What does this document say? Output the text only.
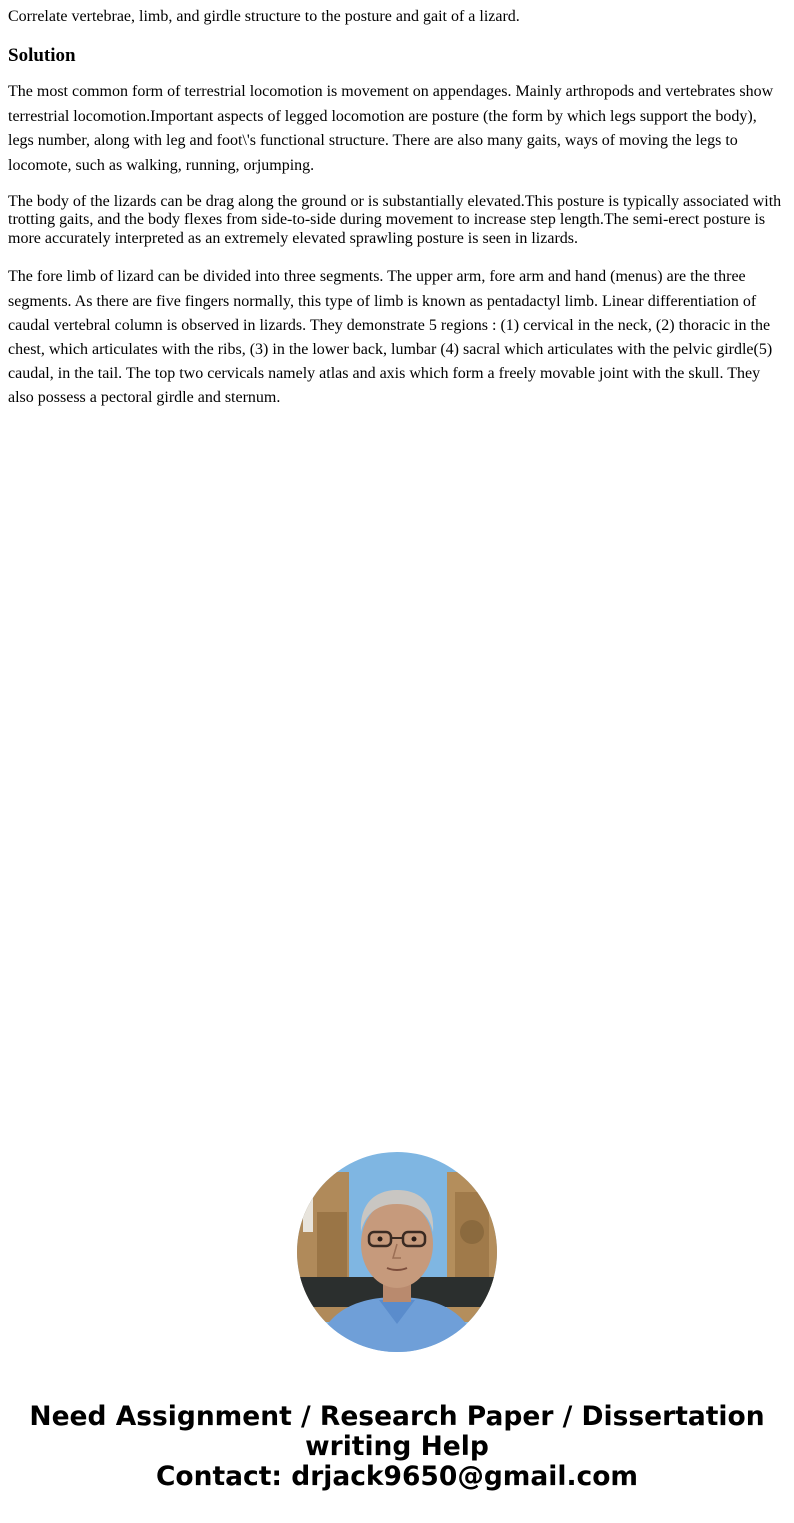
Correlate vertebrae, limb, and girdle structure to the posture and gait of a lizard.

Solution

The most common form of terrestrial locomotion is movement on appendages. Mainly arthropods and vertebrates show terrestrial locomotion.Important aspects of legged locomotion are posture (the form by which legs support the body), legs number, along with leg and foot\'s functional structure. There are also many gaits, ways of moving the legs to locomote, such as walking, running, orjumping.

The body of the lizards can be drag along the ground or is substantially elevated.This posture is typically associated with trotting gaits, and the body flexes from side-to-side during movement to increase step length.The semi-erect posture is more accurately interpreted as an extremely elevated sprawling posture is seen in lizards.

The fore limb of lizard can be divided into three segments. The upper arm, fore arm and hand (menus) are the three segments. As there are five fingers normally, this type of limb is known as pentadactyl limb. Linear differentiation of caudal vertebral column is observed in lizards. They demonstrate 5 regions : (1) cervical in the neck, (2) thoracic in the chest, which articulates with the ribs, (3) in the lower back, lumbar (4) sacral which articulates with the pelvic girdle(5) caudal, in the tail. The top two cervicals namely atlas and axis which form a freely movable joint with the skull. They also possess a pectoral girdle and sternum.

Need Assignment / Research Paper / Dissertation
writing Help
Contact: drjack9650@gmail.com
